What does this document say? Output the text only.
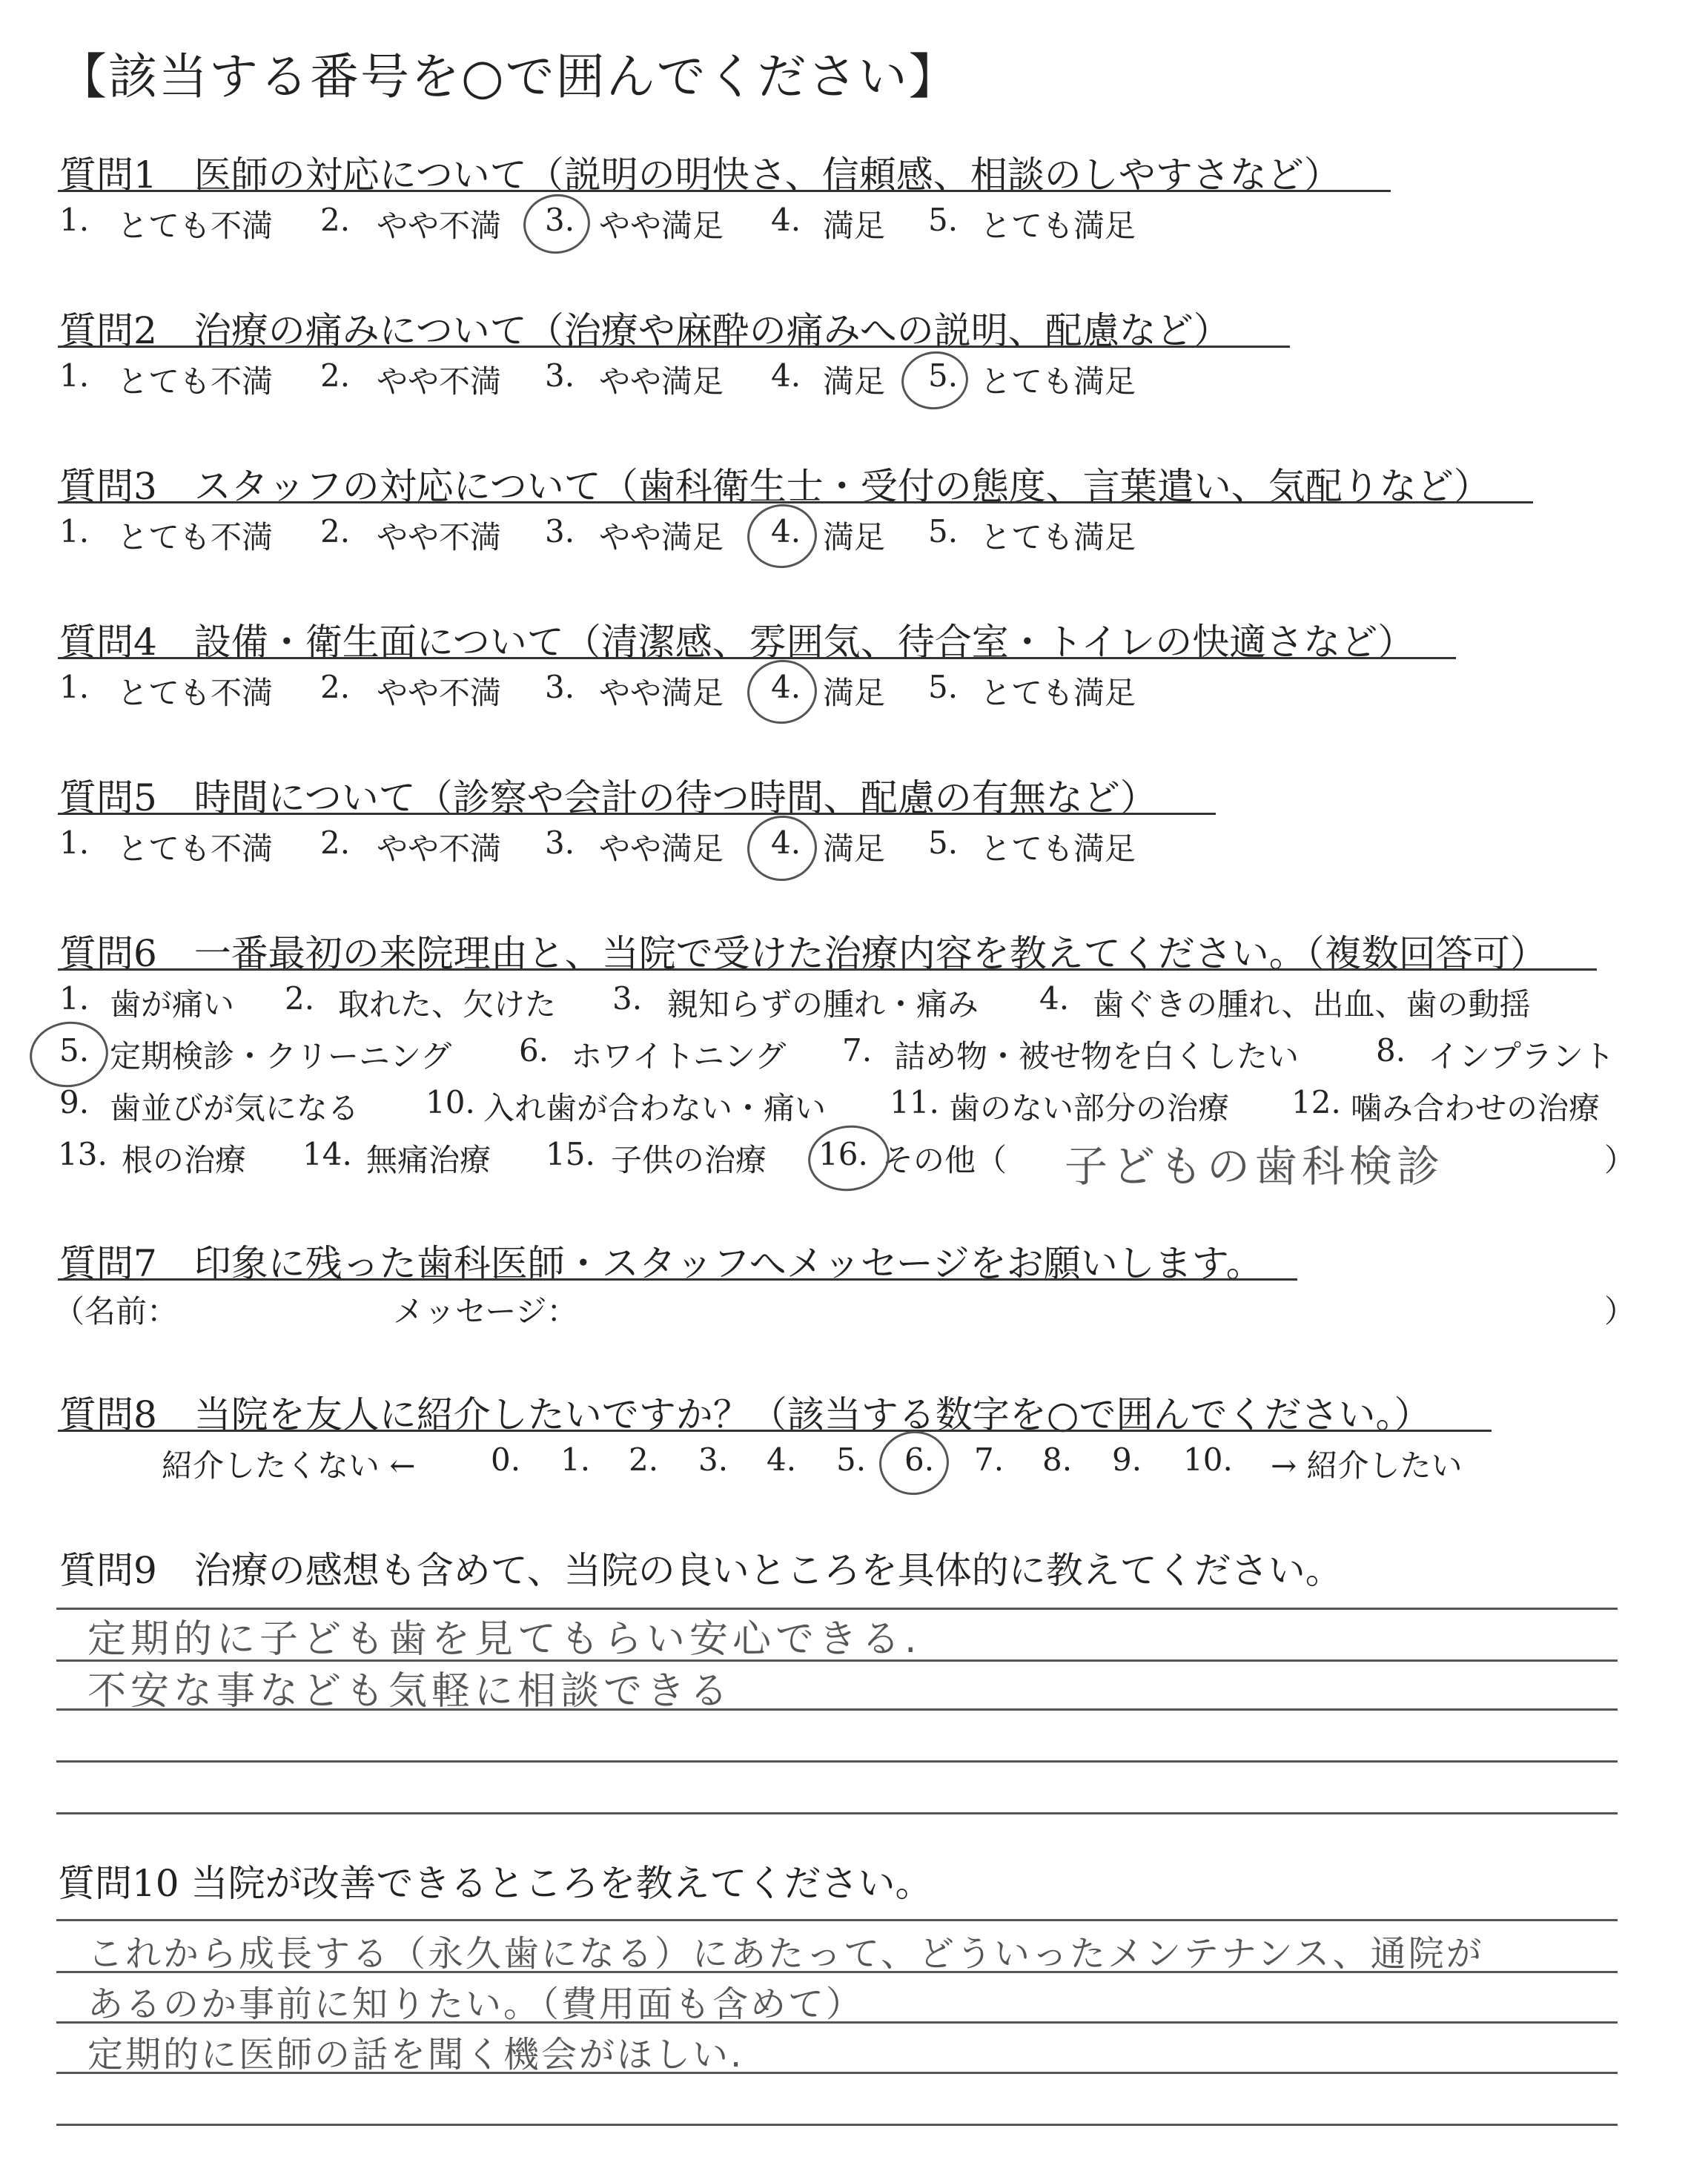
【該当する番号を○で囲んでください】
質問1　医師の対応について（説明の明快さ、信頼感、相談のしやすさなど）
1. とても不満 2. やや不満 3. やや満足 4. 満足 5. とても満足
質問2　治療の痛みについて（治療や麻酔の痛みへの説明、配慮など）
1. とても不満 2. やや不満 3. やや満足 4. 満足 5. とても満足
質問3　スタッフの対応について（歯科衛生士・受付の態度、言葉遣い、気配りなど）
1. とても不満 2. やや不満 3. やや満足 4. 満足 5. とても満足
質問4　設備・衛生面について（清潔感、雰囲気、待合室・トイレの快適さなど）
1. とても不満 2. やや不満 3. やや満足 4. 満足 5. とても満足
質問5　時間について（診察や会計の待つ時間、配慮の有無など）
1. とても不満 2. やや不満 3. やや満足 4. 満足 5. とても満足
質問6　一番最初の来院理由と、当院で受けた治療内容を教えてください。（複数回答可）
1. 歯が痛い 2. 取れた、欠けた 3. 親知らずの腫れ・痛み 4. 歯ぐきの腫れ、出血、歯の動揺
5. 定期検診・クリーニング 6. ホワイトニング 7. 詰め物・被せ物を白くしたい 8. インプラント
9. 歯並びが気になる 10. 入れ歯が合わない・痛い 11. 歯のない部分の治療 12. 噛み合わせの治療
13. 根の治療 14. 無痛治療 15. 子供の治療 16. その他（ 子どもの歯科検診	）
質問7　印象に残った歯科医師・スタッフへメッセージをお願いします。
（名前：	メッセージ：	）
質問8　当院を友人に紹介したいですか？（該当する数字を○で囲んでください。）
紹介したくない ← 0. 1. 2. 3. 4. 5. 6. 7. 8. 9. 10. → 紹介したい
質問9　治療の感想も含めて、当院の良いところを具体的に教えてください。
定期的に子ども歯を見てもらい安心できる.
不安な事なども気軽に相談できる
質問10 当院が改善できるところを教えてください。
これから成長する（永久歯になる）にあたって、どういったメンテナンス、通院が
あるのか事前に知りたい。（費用面も含めて）
定期的に医師の話を聞く機会がほしい.
